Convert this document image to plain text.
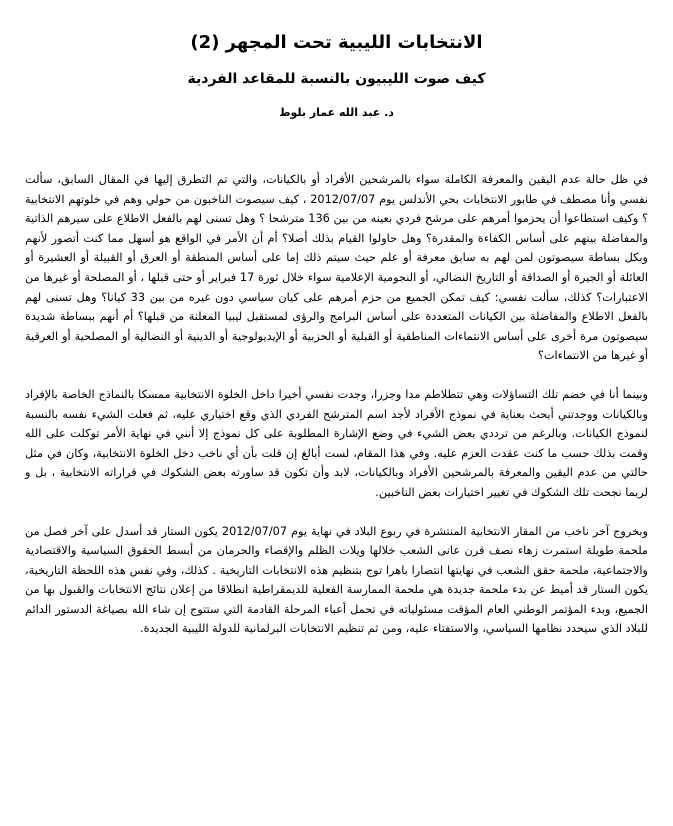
الانتخابات الليبية تحت المجهر (2)
كيف صوت الليبيون بالنسبة للمقاعد الفردية
د. عبد الله عمار بلوط

في ظل حالة عدم اليقين والمعرفة الكاملة سواء بالمرشحين الأفراد أو بالكيانات، والتي تم التطرق إليها في المقال السابق، سألت نفسي وأنا مصطف في طابور الانتخابات بحي الأندلس يوم 2012/07/07 ، كيف سيصوت الناخبون من حولي وهم في خلوتهم الانتخابية ؟ وكيف استطاعوا أن يحزموا أمرهم على مرشح فردي بعينه من بين 136 مترشحا ؟ وهل تسنى لهم بالفعل الاطلاع على سيرهم الذاتية والمفاضلة بينهم على أساس الكفاءة والمقدرة؟ وهل حاولوا القيام بذلك أصلا؟ أم أن الأمر في الواقع هو أسهل مما كنت أتصور لأنهم وبكل بساطة سيصوتون لمن لهم به سابق معرفة أو علم حيث سيتم ذلك إما على أساس المنطقة أو العرق أو القبيلة أو العشيرة أو العائلة أو الجيرة أو الصداقة أو التاريخ النضالي، أو النجومية الإعلامية سواء خلال ثورة 17 فبراير أو حتى قبلها ، أو المصلحة أو غيرها من الاعتبارات؟ كذلك، سألت نفسي: كيف تمكن الجميع من حزم أمرهم على كيان سياسي دون غيره من بين 33 كيانا؟ وهل تسنى لهم بالفعل الاطلاع والمفاضلة بين الكيانات المتعددة على أساس البرامج والرؤى لمستقبل ليبيا المعلنة من قبلها؟ أم أنهم ببساطة شديدة سيصوتون مرة أخرى على أساس الانتماءات المناطقية أو القبلية أو الحزبية أو الإيديولوجية أو الدينية أو النضالية أو المصلحية أو العرقية أو غيرها من الانتماءات؟

وبينما أنا في خضم تلك التساؤلات وهي تتطلاطم مدا وجزرا، وجدت نفسي أخيرا داخل الخلوة الانتخابية ممسكا بالنماذج الخاصة بالإفراد وبالكيانات ووجدتني أبحث بعناية في نموذج الأفراد لأجد اسم المترشح الفردي الذي وقع اختياري عليه، ثم فعلت الشيء نفسه بالنسبة لنموذج الكيانات. وبالرغم من ترددي بعض الشيء في وضع الإشارة المطلوبة على كل نموذج إلا أنني في نهاية الأمر توكلت على الله وقمت بذلك حسب ما كنت عقدت العزم عليه. وفي هذا المقام، لست أبالغ إن قلت بأن أي ناخب دخل الخلوة الانتخابية، وكان في مثل حالتي من عدم اليقين والمعرفة بالمرشحين الأفراد وبالكيانات، لابد وأن تكون قد ساورته بعض الشكوك في قراراته الانتخابية ، بل و لربما نجحت تلك الشكوك في تغيير اختيارات بعض الناخبين.

وبخروج آخر ناخب من المقار الانتخابية المنتشرة في ربوع البلاد في نهاية يوم 2012/07/07 يكون الستار قد أسدل على آخر فصل من ملحمة طويلة استمرت زهاء نصف قرن عانى الشعب خلالها ويلات الظلم والإقصاء والحرمان من أبسط الحقوق السياسية والاقتصادية والاجتماعية، ملحمة حقق الشعب في نهايتها انتصارا باهرا توج بتنظيم هذه الانتخابات التاريخية . كذلك، وفي نفس هذه اللحظة التاريخية، يكون الستار قد أميط عن بدء ملحمة جديدة هي ملحمة الممارسة الفعلية للديمقراطية انطلاقا من إعلان نتائج الانتخابات والقبول بها من الجميع، وبدء المؤتمر الوطني العام المؤقت مسئولياته في تحمل أعباء المرحلة القادمة التي ستتوج إن شاء الله بصياغة الدستور الدائم للبلاد الذي سيحدد نظامها السياسي، والاستفتاء عليه، ومن ثم تنظيم الانتخابات البرلمانية للدولة الليبية الجديدة.
